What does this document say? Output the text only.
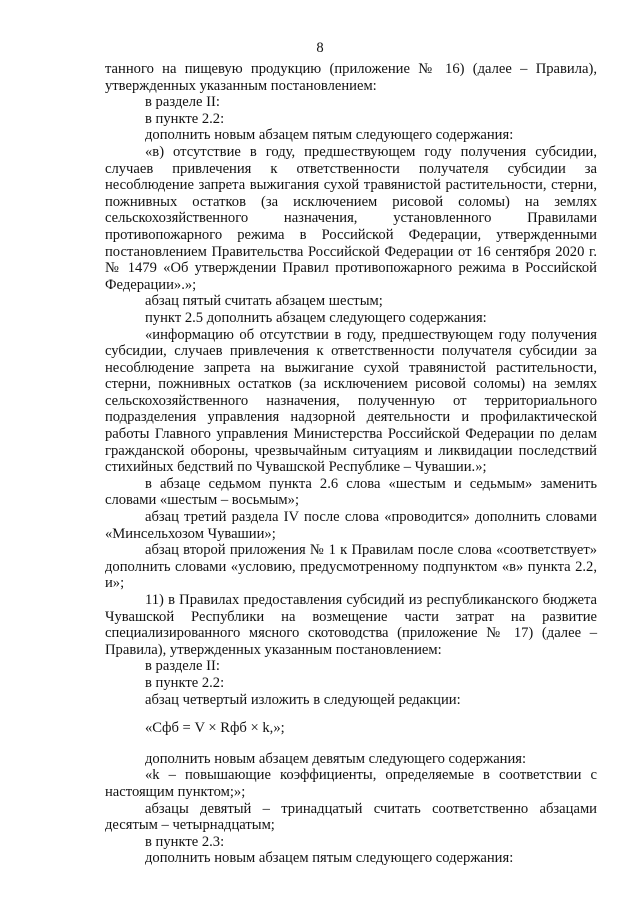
8

танного на пищевую продукцию (приложение № 16) (далее – Правила), утвержденных указанным постановлением:

в разделе II:

в пункте 2.2:

дополнить новым абзацем пятым следующего содержания:

«в) отсутствие в году, предшествующем году получения субсидии, случаев привлечения к ответственности получателя субсидии за несоблюдение запрета выжигания сухой травянистой растительности, стерни, пожнивных остатков (за исключением рисовой соломы) на землях сельскохозяйственного назначения, установленного Правилами противопожарного режима в Российской Федерации, утвержденными постановлением Правительства Российской Федерации от 16 сентября 2020 г. № 1479 «Об утверждении Правил противопожарного режима в Российской Федерации».»;

абзац пятый считать абзацем шестым;

пункт 2.5 дополнить абзацем следующего содержания:

«информацию об отсутствии в году, предшествующем году получения субсидии, случаев привлечения к ответственности получателя субсидии за несоблюдение запрета на выжигание сухой травянистой растительности, стерни, пожнивных остатков (за исключением рисовой соломы) на землях сельскохозяйственного назначения, полученную от территориального подразделения управления надзорной деятельности и профилактической работы Главного управления Министерства Российской Федерации по делам гражданской обороны, чрезвычайным ситуациям и ликвидации последствий стихийных бедствий по Чувашской Республике – Чувашии.»;

в абзаце седьмом пункта 2.6 слова «шестым и седьмым» заменить словами «шестым – восьмым»;

абзац третий раздела IV после слова «проводится» дополнить словами «Минсельхозом Чувашии»;

абзац второй приложения № 1 к Правилам после слова «соответствует» дополнить словами «условию, предусмотренному подпунктом «в» пункта 2.2, и»;

11) в Правилах предоставления субсидий из республиканского бюджета Чувашской Республики на возмещение части затрат на развитие специализированного мясного скотоводства (приложение № 17) (далее – Правила), утвержденных указанным постановлением:

в разделе II:

в пункте 2.2:

абзац четвертый изложить в следующей редакции:

«Сфб = V × Rфб × k,»;

дополнить новым абзацем девятым следующего содержания:

«k – повышающие коэффициенты, определяемые в соответствии с настоящим пунктом;»;

абзацы девятый – тринадцатый считать соответственно абзацами десятым – четырнадцатым;

в пункте 2.3:

дополнить новым абзацем пятым следующего содержания:
